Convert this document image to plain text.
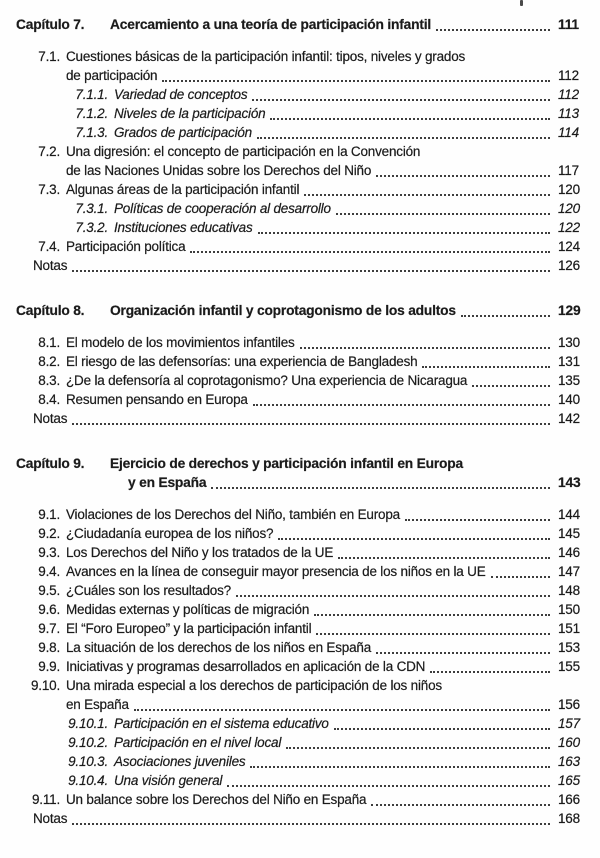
Capítulo 7.	Acercamiento a una teoría de participación infantil	111
7.1. Cuestiones básicas de la participación infantil: tipos, niveles y grados
de participación	112
7.1.1. Variedad de conceptos	112
7.1.2. Niveles de la participación	113
7.1.3. Grados de participación	114
7.2. Una digresión: el concepto de participación en la Convención
de las Naciones Unidas sobre los Derechos del Niño	117
7.3. Algunas áreas de la participación infantil	120
7.3.1. Políticas de cooperación al desarrollo	120
7.3.2. Instituciones educativas	122
7.4. Participación política	124
Notas	126
Capítulo 8.	Organización infantil y coprotagonismo de los adultos	129
8.1. El modelo de los movimientos infantiles	130
8.2. El riesgo de las defensorías: una experiencia de Bangladesh	131
8.3. ¿De la defensoría al coprotagonismo? Una experiencia de Nicaragua	135
8.4. Resumen pensando en Europa	140
Notas	142
Capítulo 9.	Ejercicio de derechos y participación infantil en Europa
y en España	143
9.1. Violaciones de los Derechos del Niño, también en Europa	144
9.2. ¿Ciudadanía europea de los niños?	145
9.3. Los Derechos del Niño y los tratados de la UE	146
9.4. Avances en la línea de conseguir mayor presencia de los niños en la UE	147
9.5. ¿Cuáles son los resultados?	148
9.6. Medidas externas y políticas de migración	150
9.7. El “Foro Europeo” y la participación infantil	151
9.8. La situación de los derechos de los niños en España	153
9.9. Iniciativas y programas desarrollados en aplicación de la CDN	155
9.10. Una mirada especial a los derechos de participación de los niños
en España	156
9.10.1. Participación en el sistema educativo	157
9.10.2. Participación en el nivel local	160
9.10.3. Asociaciones juveniles	163
9.10.4. Una visión general	165
9.11. Un balance sobre los Derechos del Niño en España	166
Notas	168
